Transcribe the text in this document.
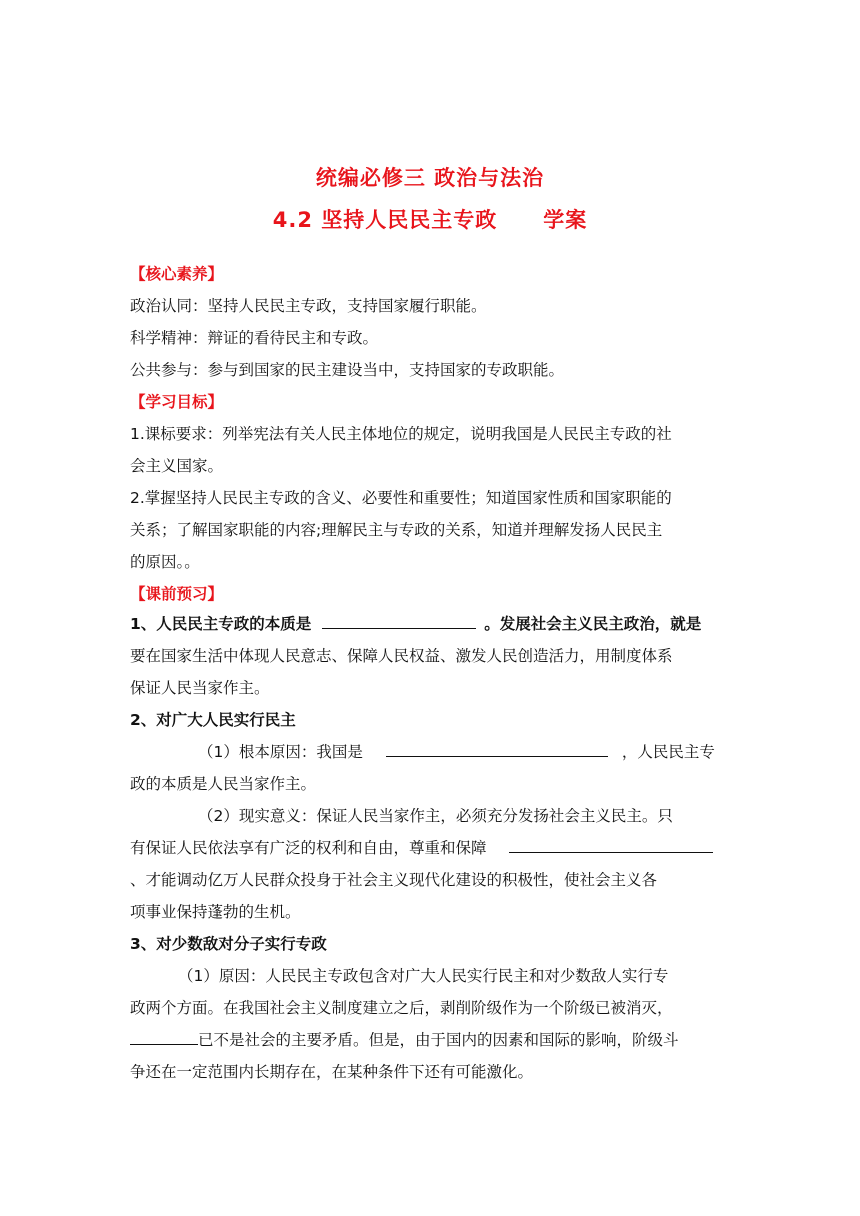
统编必修三 政治与法治
4.2 坚持人民民主专政 学案
【核心素养】
政治认同：坚持人民民主专政，支持国家履行职能。
科学精神：辩证的看待民主和专政。
公共参与：参与到国家的民主建设当中，支持国家的专政职能。
【学习目标】
1.课标要求：列举宪法有关人民主体地位的规定，说明我国是人民民主专政的社
会主义国家。
2.掌握坚持人民民主专政的含义、必要性和重要性；知道国家性质和国家职能的
关系；了解国家职能的内容;理解民主与专政的关系，知道并理解发扬人民民主
的原因。。
【课前预习】
1、人民民主专政的本质是	。发展社会主义民主政治，就是
要在国家生活中体现人民意志、保障人民权益、激发人民创造活力，用制度体系
保证人民当家作主。
2、对广大人民实行民主
（1）根本原因：我国是	，人民民主专
政的本质是人民当家作主。
（2）现实意义：保证人民当家作主，必须充分发扬社会主义民主。只
有保证人民依法享有广泛的权利和自由，尊重和保障
、才能调动亿万人民群众投身于社会主义现代化建设的积极性，使社会主义各
项事业保持蓬勃的生机。
3、对少数敌对分子实行专政
（1）原因：人民民主专政包含对广大人民实行民主和对少数敌人实行专
政两个方面。在我国社会主义制度建立之后，剥削阶级作为一个阶级已被消灭，
已不是社会的主要矛盾。但是，由于国内的因素和国际的影响，阶级斗
争还在一定范围内长期存在，在某种条件下还有可能激化。
